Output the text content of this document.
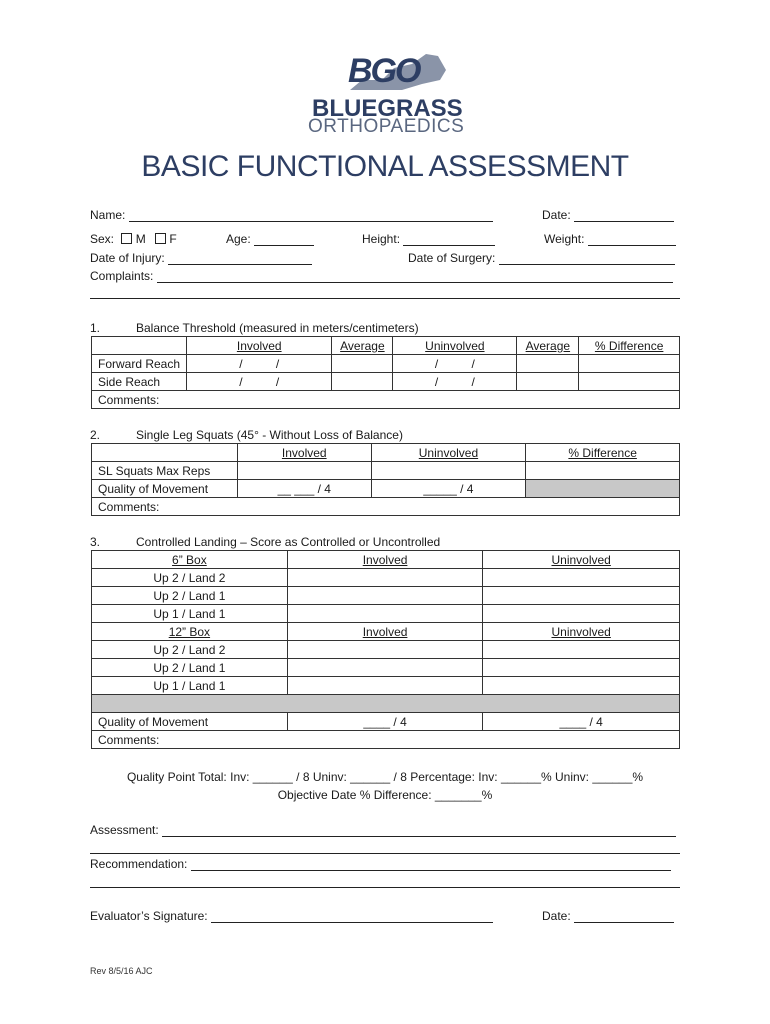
BGO
BLUEGRASS
ORTHOPAEDICS
BASIC FUNCTIONAL ASSESSMENT
Name:	Date:
Sex: M F	Age:	Height:	Weight:
Date of Injury:	Date of Surgery:
Complaints:
1.	Balance Threshold (measured in meters/centimeters)
	Involved	Average	Uninvolved	Average	% Difference
Forward Reach	/          /		/          /		
Side Reach	/          /		/          /		
Comments:					
2.	Single Leg Squats (45° - Without Loss of Balance)
	Involved	Uninvolved	% Difference
SL Squats Max Reps			
Quality of Movement	__ ___ / 4	_____ / 4	
Comments:			
3.	Controlled Landing – Score as Controlled or Uncontrolled
6” Box	Involved	Uninvolved
Up 2 / Land 2		
Up 2 / Land 1		
Up 1 / Land 1		
12” Box	Involved	Uninvolved
Up 2 / Land 2		
Up 2 / Land 1		
Up 1 / Land 1		

Quality of Movement	____ / 4	____ / 4
Comments:		
Quality Point Total: Inv: ______ / 8 Uninv: ______ / 8 Percentage: Inv: ______% Uninv: ______%
Objective Date % Difference: _______%
Assessment:
Recommendation:
Evaluator’s Signature:	Date:
Rev 8/5/16 AJC
